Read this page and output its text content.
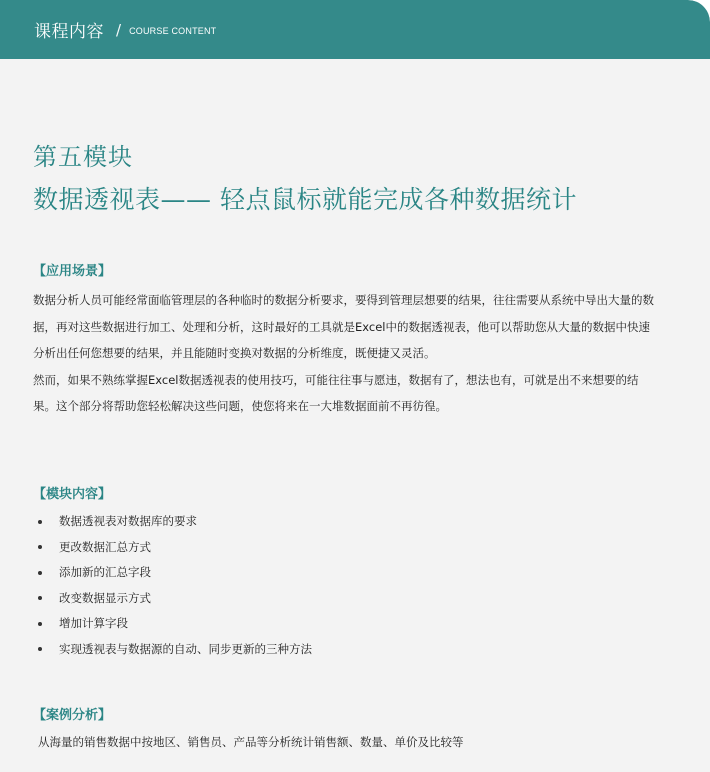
课程内容 / COURSE CONTENT
第五模块
数据透视表—— 轻点鼠标就能完成各种数据统计
【应用场景】

数据分析人员可能经常面临管理层的各种临时的数据分析要求，要得到管理层想要的结果，往往需要从系统中导出大量的数据，再对这些数据进行加工、处理和分析，这时最好的工具就是Excel中的数据透视表，他可以帮助您从大量的数据中快速分析出任何您想要的结果，并且能随时变换对数据的分析维度，既便捷又灵活。

然而，如果不熟练掌握Excel数据透视表的使用技巧，可能往往事与愿违，数据有了，想法也有，可就是出不来想要的结果。这个部分将帮助您轻松解决这些问题，使您将来在一大堆数据面前不再彷徨。

【模块内容】
数据透视表对数据库的要求
更改数据汇总方式
添加新的汇总字段
改变数据显示方式
增加计算字段
实现透视表与数据源的自动、同步更新的三种方法
【案例分析】
从海量的销售数据中按地区、销售员、产品等分析统计销售额、数量、单价及比较等
